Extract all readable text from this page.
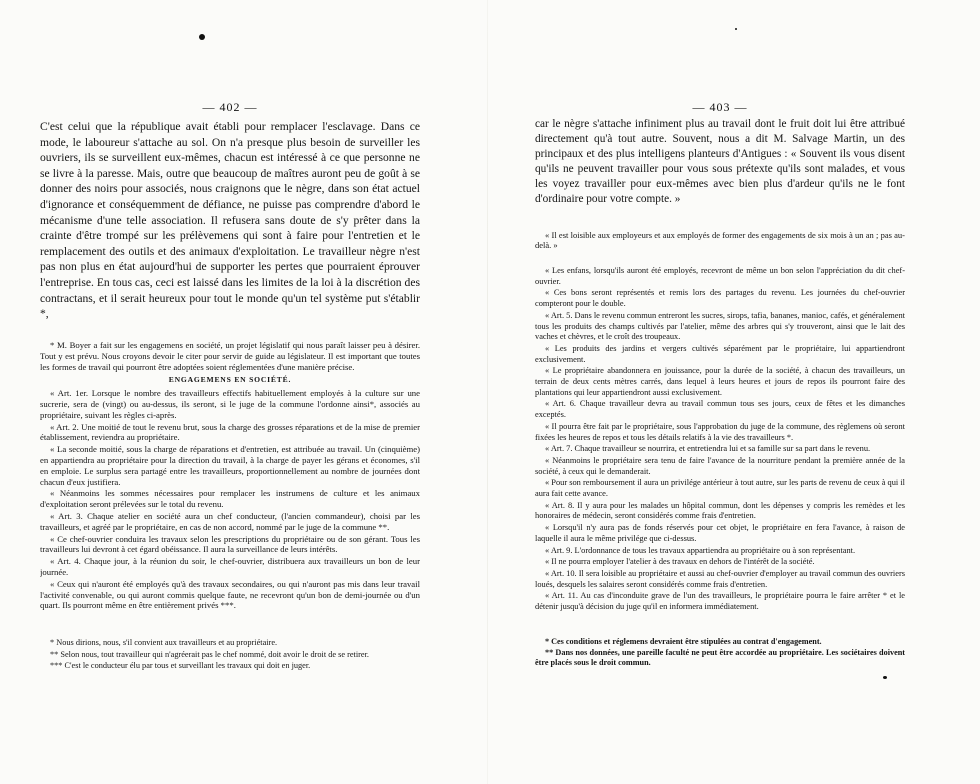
— 402 —

C'est celui que la république avait établi pour remplacer l'esclavage. Dans ce mode, le laboureur s'attache au sol. On n'a presque plus besoin de surveiller les ouvriers, ils se surveillent eux-mêmes, chacun est intéressé à ce que personne ne se livre à la paresse. Mais, outre que beaucoup de maîtres auront peu de goût à se donner des noirs pour associés, nous craignons que le nègre, dans son état actuel d'ignorance et conséquemment de défiance, ne puisse pas comprendre d'abord le mécanisme d'une telle association. Il refusera sans doute de s'y prêter dans la crainte d'être trompé sur les prélèvemens qui sont à faire pour l'entretien et le remplacement des outils et des animaux d'exploitation. Le travailleur nègre n'est pas non plus en état aujourd'hui de supporter les pertes que pourraient éprouver l'entreprise. En tous cas, ceci est laissé dans les limites de la loi à la discrétion des contractans, et il serait heureux pour tout le monde qu'un tel système put s'établir *,

* M. Boyer a fait sur les engagemens en société, un projet législatif qui nous paraît laisser peu à désirer. Tout y est prévu. Nous croyons devoir le citer pour servir de guide au législateur. Il est important que toutes les formes de travail qui pourront être adoptées soient réglementées d'une manière précise.

ENGAGEMENS EN SOCIÉTÉ.

« Art. 1er. Lorsque le nombre des travailleurs effectifs habituellement employés à la culture sur une sucrerie, sera de (vingt) ou au-dessus, ils seront, si le juge de la commune l'ordonne ainsi*, associés au propriétaire, suivant les règles ci-après.

« Art. 2. Une moitié de tout le revenu brut, sous la charge des grosses réparations et de la mise de premier établissement, reviendra au propriétaire.

« La seconde moitié, sous la charge de réparations et d'entretien, est attribuée au travail. Un (cinquième) en appartiendra au propriétaire pour la direction du travail, à la charge de payer les gérans et économes, s'il en emploie. Le surplus sera partagé entre les travailleurs, proportionnellement au nombre de journées dont chacun d'eux justifiera.

« Néanmoins les sommes nécessaires pour remplacer les instrumens de culture et les animaux d'exploitation seront prélevées sur le total du revenu.

« Art. 3. Chaque atelier en société aura un chef conducteur, (l'ancien commandeur), choisi par les travailleurs, et agréé par le propriétaire, en cas de non accord, nommé par le juge de la commune **.

« Ce chef-ouvrier conduira les travaux selon les prescriptions du propriétaire ou de son gérant. Tous les travailleurs lui devront à cet égard obéissance. Il aura la surveillance de leurs intérêts.

« Art. 4. Chaque jour, à la réunion du soir, le chef-ouvrier, distribuera aux travailleurs un bon de leur journée.

« Ceux qui n'auront été employés qu'à des travaux secondaires, ou qui n'auront pas mis dans leur travail l'activité convenable, ou qui auront commis quelque faute, ne recevront qu'un bon de demi-journée ou d'un quart. Ils pourront même en être entièrement privés ***.

* Nous dirions, nous, s'il convient aux travailleurs et au propriétaire.

** Selon nous, tout travailleur qui n'agréerait pas le chef nommé, doit avoir le droit de se retirer.

*** C'est le conducteur élu par tous et surveillant les travaux qui doit en juger.

— 403 —

car le nègre s'attache infiniment plus au travail dont le fruit doit lui être attribué directement qu'à tout autre. Souvent, nous a dit M. Salvage Martin, un des principaux et des plus intelligens planteurs d'Antigues : « Souvent ils vous disent qu'ils ne peuvent travailler pour vous sous prétexte qu'ils sont malades, et vous les voyez travailler pour eux-mêmes avec bien plus d'ardeur qu'ils ne le font d'ordinaire pour votre compte. »

« Il est loisible aux employeurs et aux employés de former des engagements de six mois à un an ; pas au-delà. »

« Les enfans, lorsqu'ils auront été employés, recevront de même un bon selon l'appréciation du dit chef-ouvrier.

« Ces bons seront représentés et remis lors des partages du revenu. Les journées du chef-ouvrier compteront pour le double.

« Art. 5. Dans le revenu commun entreront les sucres, sirops, tafia, bananes, manioc, cafés, et généralement tous les produits des champs cultivés par l'atelier, même des arbres qui s'y trouveront, ainsi que le lait des vaches et chèvres, et le croît des troupeaux.

« Les produits des jardins et vergers cultivés séparément par le propriétaire, lui appartiendront exclusivement.

« Le propriétaire abandonnera en jouissance, pour la durée de la société, à chacun des travailleurs, un terrain de deux cents mètres carrés, dans lequel à leurs heures et jours de repos ils pourront faire des plantations qui leur appartiendront aussi exclusivement.

« Art. 6. Chaque travailleur devra au travail commun tous ses jours, ceux de fêtes et les dimanches exceptés.

« Il pourra être fait par le propriétaire, sous l'approbation du juge de la commune, des règlemens où seront fixées les heures de repos et tous les détails relatifs à la vie des travailleurs *.

« Art. 7. Chaque travailleur se nourrira, et entretiendra lui et sa famille sur sa part dans le revenu.

« Néanmoins le propriétaire sera tenu de faire l'avance de la nourriture pendant la première année de la société, à ceux qui le demanderait.

« Pour son remboursement il aura un privilége antérieur à tout autre, sur les parts de revenu de ceux à qui il aura fait cette avance.

« Art. 8. Il y aura pour les malades un hôpital commun, dont les dépenses y compris les remèdes et les honoraires de médecin, seront considérés comme frais d'entretien.

« Lorsqu'il n'y aura pas de fonds réservés pour cet objet, le propriétaire en fera l'avance, à raison de laquelle il aura le même privilége que ci-dessus.

« Art. 9. L'ordonnance de tous les travaux appartiendra au propriétaire ou à son représentant.

« Il ne pourra employer l'atelier à des travaux en dehors de l'intérêt de la société.

« Art. 10. Il sera loisible au propriétaire et aussi au chef-ouvrier d'employer au travail commun des ouvriers loués, desquels les salaires seront considérés comme frais d'entretien.

« Art. 11. Au cas d'inconduite grave de l'un des travailleurs, le propriétaire pourra le faire arrêter * et le détenir jusqu'à décision du juge qu'il en informera immédiatement.

* Ces conditions et réglemens devraient être stipulées au contrat d'engagement.

** Dans nos données, une pareille faculté ne peut être accordée au propriétaire. Les sociétaires doivent être placés sous le droit commun.
